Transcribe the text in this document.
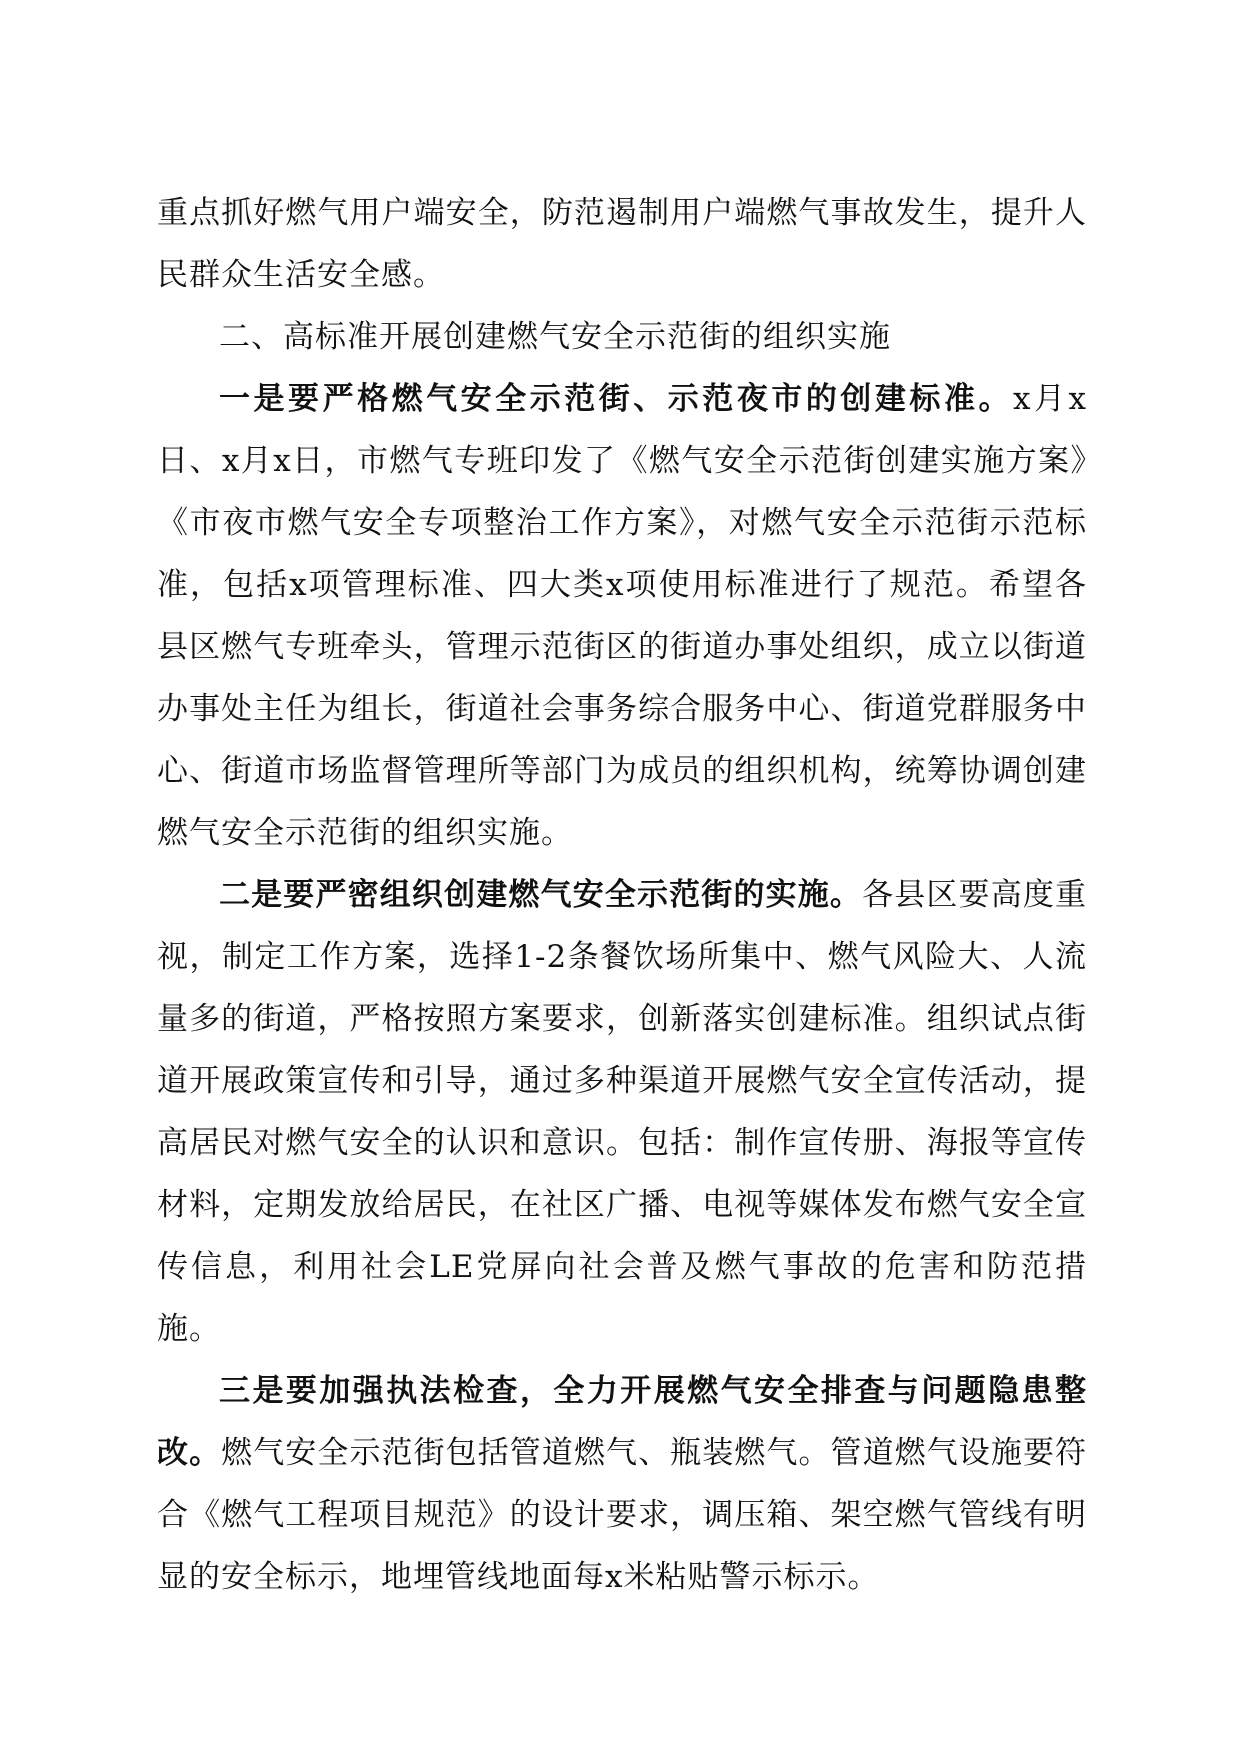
重点抓好燃气用户端安全，防范遏制用户端燃气事故发生，提升人民群众生活安全感。

二、高标准开展创建燃气安全示范街的组织实施

一是要严格燃气安全示范街、示范夜市的创建标准。x月x日、x月x日，市燃气专班印发了《燃气安全示范街创建实施方案》《市夜市燃气安全专项整治工作方案》，对燃气安全示范街示范标准，包括x项管理标准、四大类x项使用标准进行了规范。希望各县区燃气专班牵头，管理示范街区的街道办事处组织，成立以街道办事处主任为组长，街道社会事务综合服务中心、街道党群服务中心、街道市场监督管理所等部门为成员的组织机构，统筹协调创建燃气安全示范街的组织实施。

二是要严密组织创建燃气安全示范街的实施。各县区要高度重视，制定工作方案，选择1-2条餐饮场所集中、燃气风险大、人流量多的街道，严格按照方案要求，创新落实创建标准。组织试点街道开展政策宣传和引导，通过多种渠道开展燃气安全宣传活动，提高居民对燃气安全的认识和意识。包括：制作宣传册、海报等宣传材料，定期发放给居民，在社区广播、电视等媒体发布燃气安全宣传信息，利用社会LE党屏向社会普及燃气事故的危害和防范措施。

三是要加强执法检查，全力开展燃气安全排查与问题隐患整改。燃气安全示范街包括管道燃气、瓶装燃气。管道燃气设施要符合《燃气工程项目规范》的设计要求，调压箱、架空燃气管线有明显的安全标示，地埋管线地面每x米粘贴警示标示。
